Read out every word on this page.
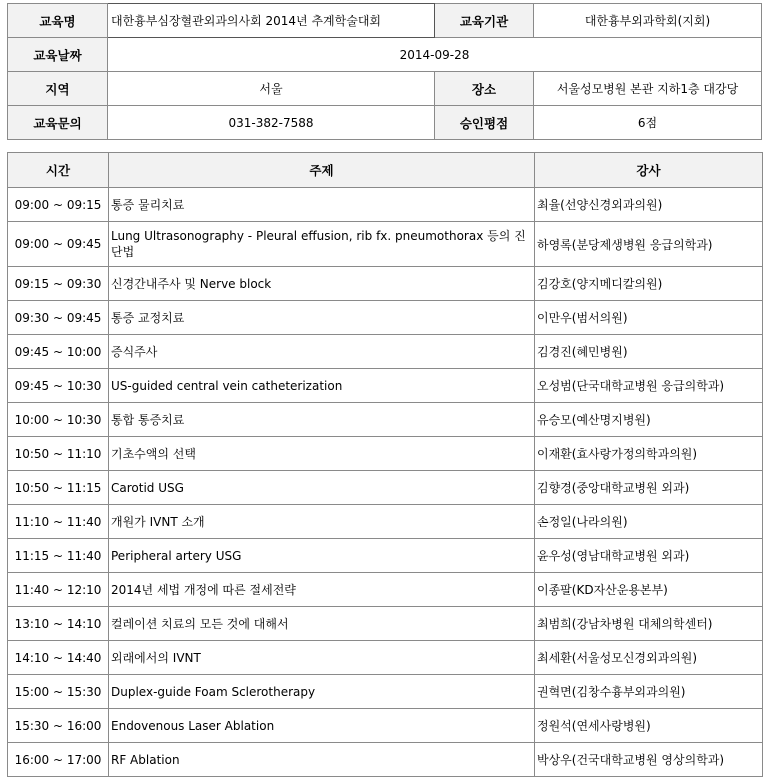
교육명	대한흉부심장혈관외과의사회 2014년 추계학술대회	교육기관	대한흉부외과학회(지회)
교육날짜	2014-09-28		
지역	서울	장소	서울성모병원 본관 지하1층 대강당
교육문의	031-382-7588	승인평점	6점
시간	주제	강사
09:00 ~ 09:15	통증 물리치료	최율(선양신경외과의원)
09:00 ~ 09:45	Lung Ultrasonography - Pleural effusion, rib fx. pneumothorax 등의 진단법	하영록(분당제생병원 응급의학과)
09:15 ~ 09:30	신경간내주사 및 Nerve block	김강호(양지메디칼의원)
09:30 ~ 09:45	통증 교정치료	이만우(범서의원)
09:45 ~ 10:00	증식주사	김경진(혜민병원)
09:45 ~ 10:30	US-guided central vein catheterization	오성범(단국대학교병원 응급의학과)
10:00 ~ 10:30	통합 통증치료	유승모(예산명지병원)
10:50 ~ 11:10	기초수액의 선택	이재환(효사랑가정의학과의원)
10:50 ~ 11:15	Carotid USG	김향경(중앙대학교병원 외과)
11:10 ~ 11:40	개원가 IVNT 소개	손정일(나라의원)
11:15 ~ 11:40	Peripheral artery USG	윤우성(영남대학교병원 외과)
11:40 ~ 12:10	2014년 세법 개정에 따른 절세전략	이종팔(KD자산운용본부)
13:10 ~ 14:10	컬레이션 치료의 모든 것에 대해서	최범희(강남차병원 대체의학센터)
14:10 ~ 14:40	외래에서의 IVNT	최세환(서울성모신경외과의원)
15:00 ~ 15:30	Duplex-guide Foam Sclerotherapy	권혁면(김창수흉부외과의원)
15:30 ~ 16:00	Endovenous Laser Ablation	정원석(연세사랑병원)
16:00 ~ 17:00	RF Ablation	박상우(건국대학교병원 영상의학과)
